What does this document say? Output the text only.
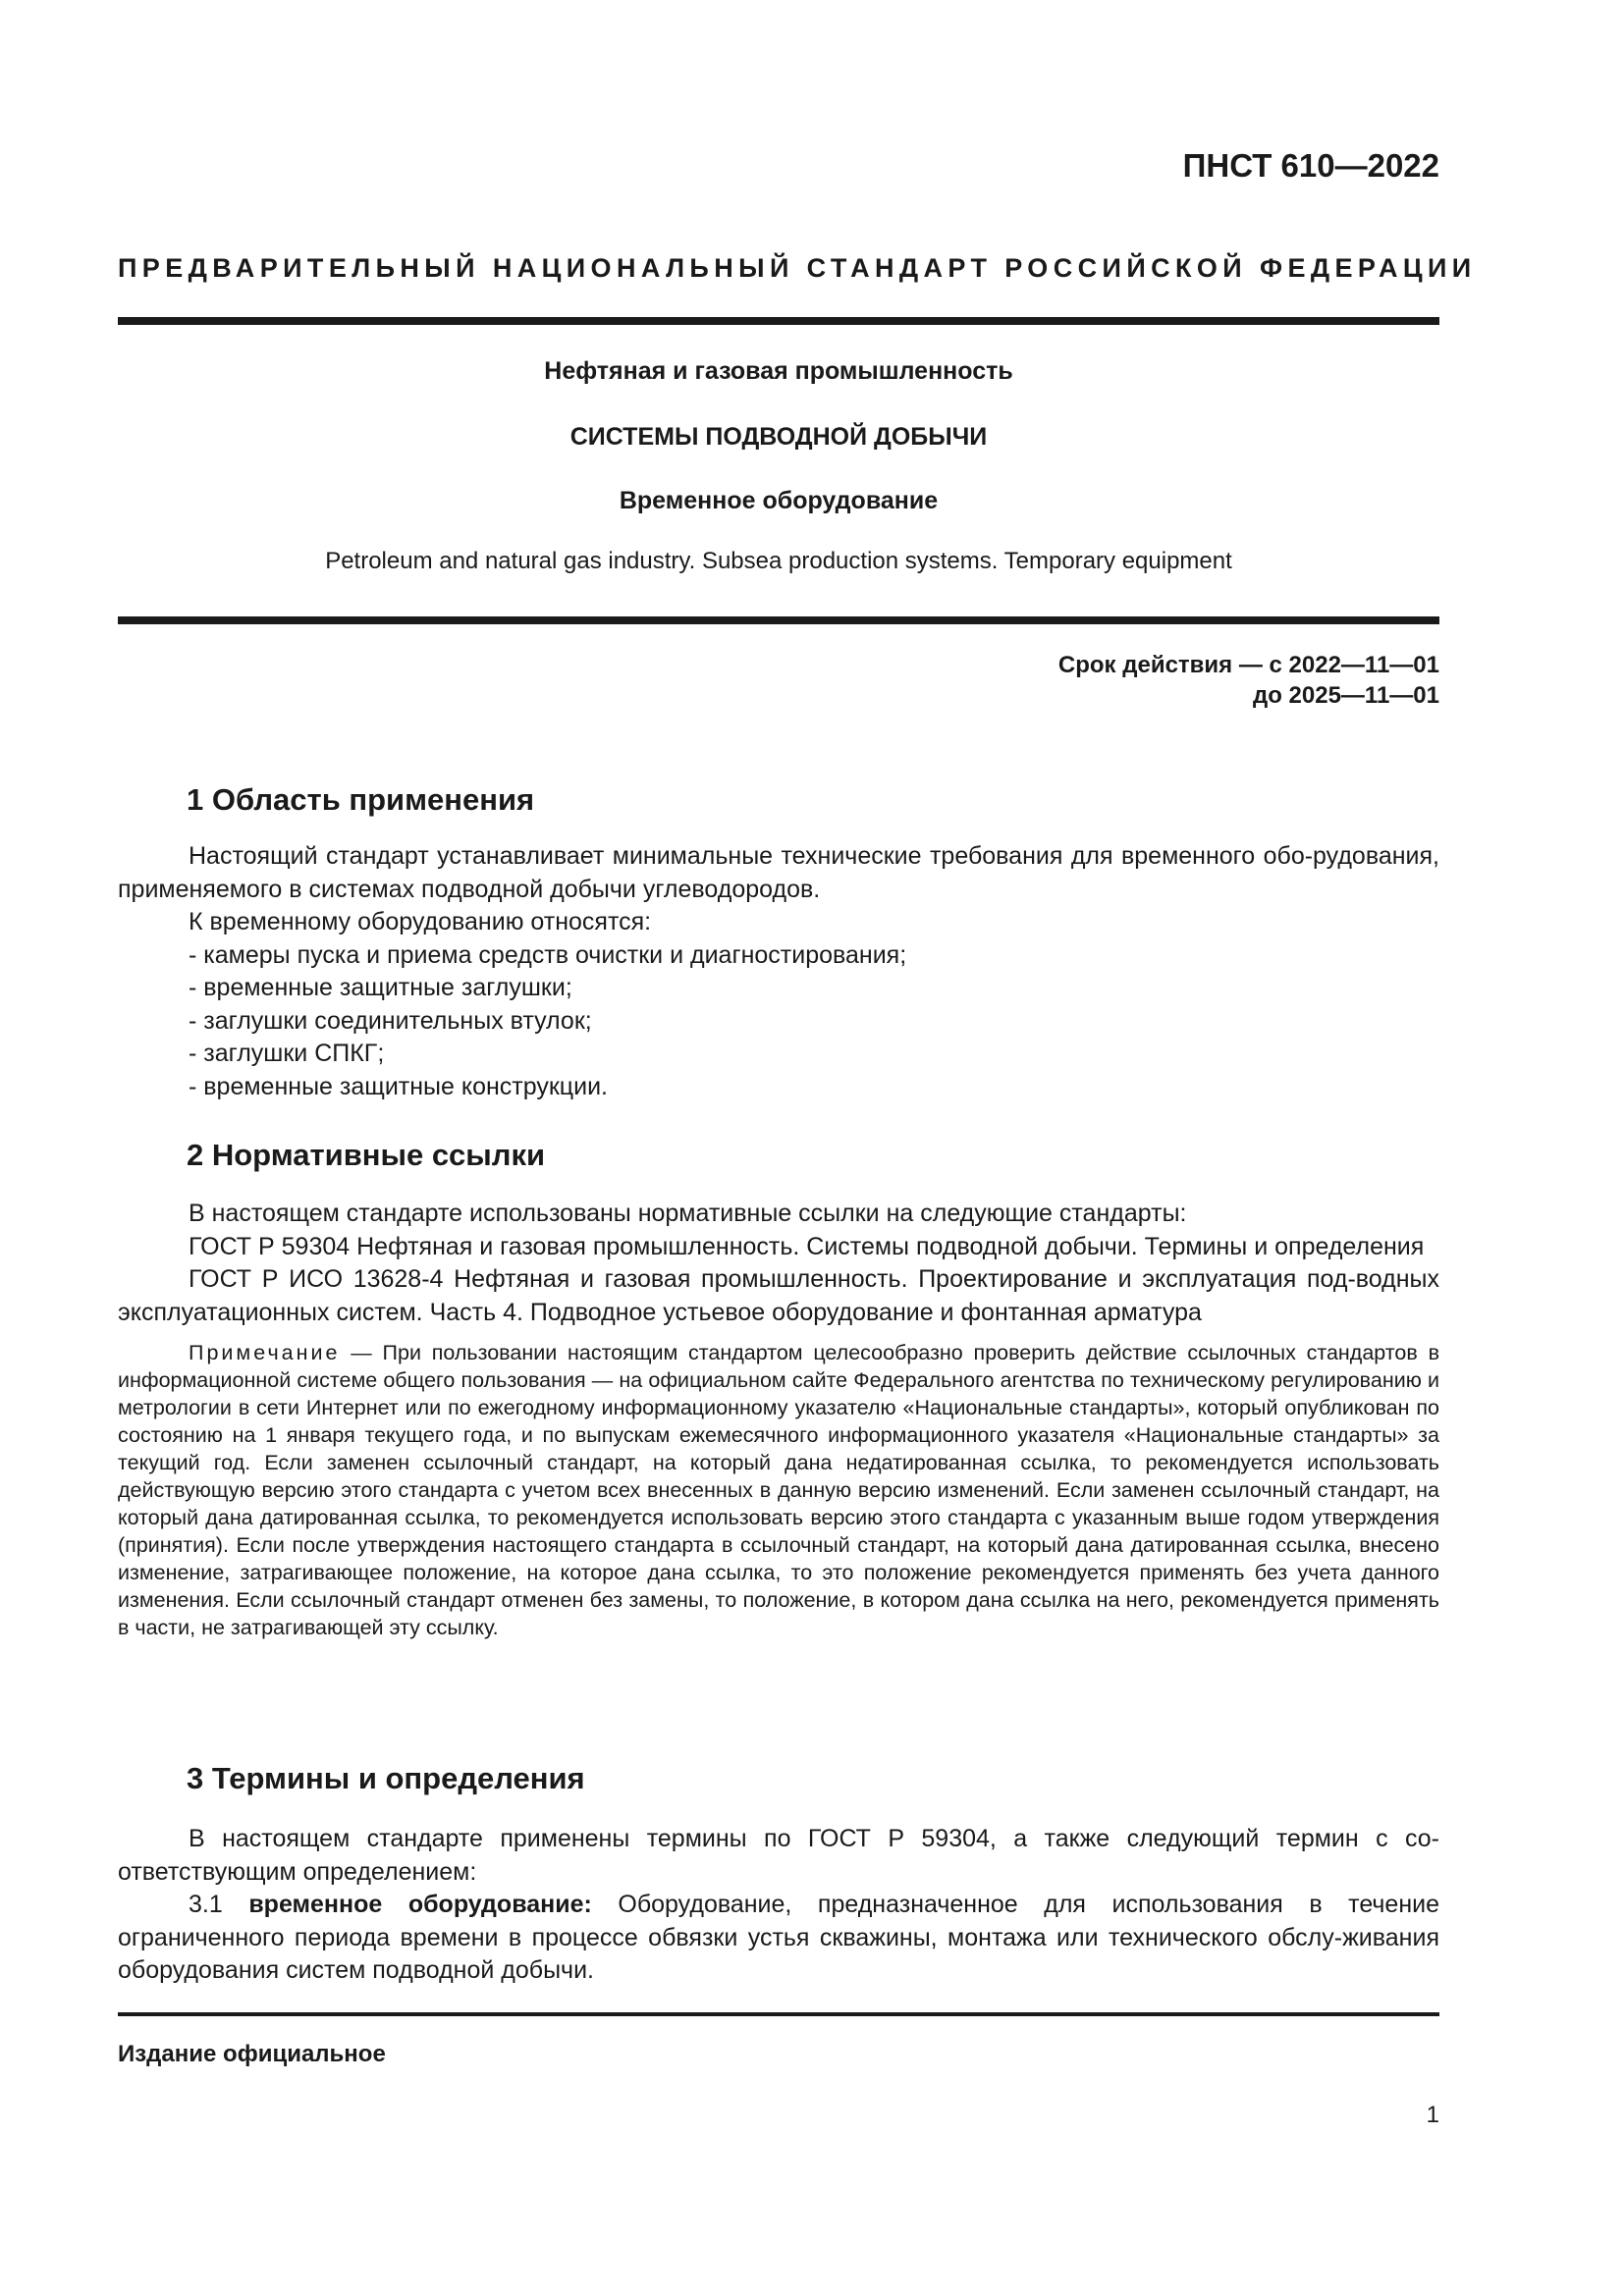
ПНСТ 610—2022
ПРЕДВАРИТЕЛЬНЫЙ НАЦИОНАЛЬНЫЙ СТАНДАРТ РОССИЙСКОЙ ФЕДЕРАЦИИ
Нефтяная и газовая промышленность
СИСТЕМЫ ПОДВОДНОЙ ДОБЫЧИ
Временное оборудование
Petroleum and natural gas industry. Subsea production systems. Temporary equipment
Срок действия — с 2022—11—01
до 2025—11—01
1 Область применения

Настоящий стандарт устанавливает минимальные технические требования для временного обо-рудования, применяемого в системах подводной добычи углеводородов.

К временному оборудованию относятся:

- камеры пуска и приема средств очистки и диагностирования;

- временные защитные заглушки;

- заглушки соединительных втулок;

- заглушки СПКГ;

- временные защитные конструкции.

2 Нормативные ссылки

В настоящем стандарте использованы нормативные ссылки на следующие стандарты:

ГОСТ Р 59304 Нефтяная и газовая промышленность. Системы подводной добычи. Термины и определения

ГОСТ Р ИСО 13628-4 Нефтяная и газовая промышленность. Проектирование и эксплуатация под-водных эксплуатационных систем. Часть 4. Подводное устьевое оборудование и фонтанная арматура

Примечание — При пользовании настоящим стандартом целесообразно проверить действие ссылочных стандартов в информационной системе общего пользования — на официальном сайте Федерального агентства по техническому регулированию и метрологии в сети Интернет или по ежегодному информационному указателю «Национальные стандарты», который опубликован по состоянию на 1 января текущего года, и по выпускам ежемесячного информационного указателя «Национальные стандарты» за текущий год. Если заменен ссылочный стандарт, на который дана недатированная ссылка, то рекомендуется использовать действующую версию этого стандарта с учетом всех внесенных в данную версию изменений. Если заменен ссылочный стандарт, на который дана датированная ссылка, то рекомендуется использовать версию этого стандарта с указанным выше годом утверждения (принятия). Если после утверждения настоящего стандарта в ссылочный стандарт, на который дана датированная ссылка, внесено изменение, затрагивающее положение, на которое дана ссылка, то это положение рекомендуется применять без учета данного изменения. Если ссылочный стандарт отменен без замены, то положение, в котором дана ссылка на него, рекомендуется применять в части, не затрагивающей эту ссылку.

3 Термины и определения

В настоящем стандарте применены термины по ГОСТ Р 59304, а также следующий термин с со-ответствующим определением:

3.1 временное оборудование: Оборудование, предназначенное для использования в течение ограниченного периода времени в процессе обвязки устья скважины, монтажа или технического обслу-живания оборудования систем подводной добычи.

Издание официальное
1
